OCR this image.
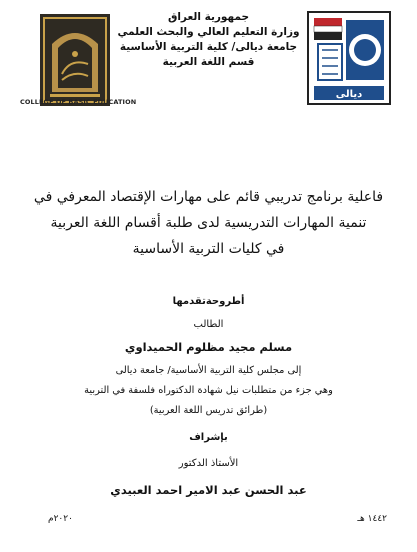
COLLEGE OF BASIC EDUCATION
ديالى
جمهورية العراق
وزارة التعليم العالي والبحث العلمي
جامعة ديالى/ كلية التربية الأساسية
قسم اللغة العربية
فاعلية برنامج تدريبي قائم على مهارات الإقتصاد المعرفي في
تنمية المهارات التدريسية لدى طلبة أقسام اللغة العربية
في كليات التربية الأساسية
أطروحةتقدمها
الطالب
مسلم مجيد مظلوم الحميداوي
إلى مجلس كلية التربية الأساسية/ جامعة ديالى
وهي جزء من متطلبات نيل شهادة الدكتوراه فلسفة في التربية
(طرائق تدريس اللغة العربية)
بإشراف
الأستاذ الدكتور
عبد الحسن عبد الامير احمد العبيدي
١٤٤٢ هـ
٢٠٢٠م
